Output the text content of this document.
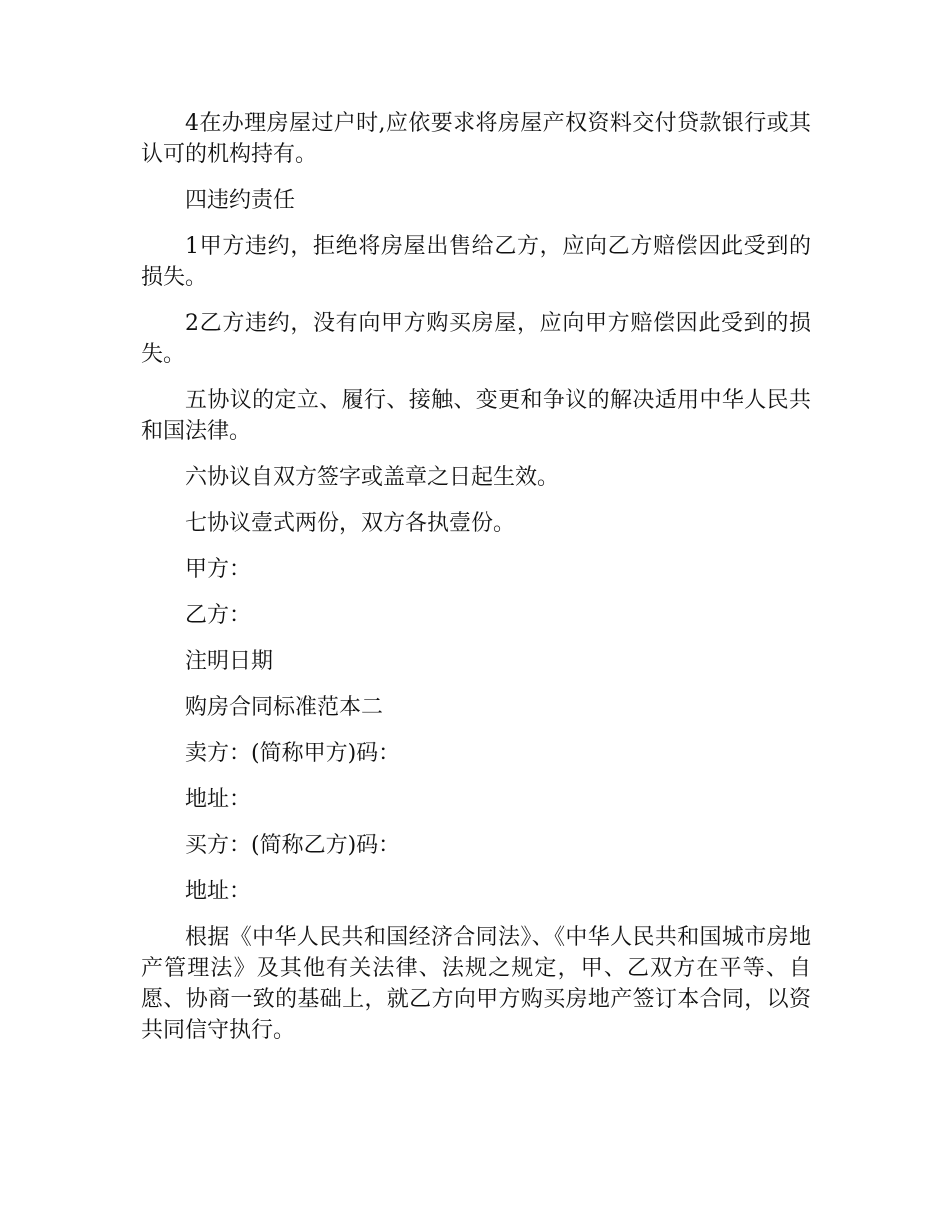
4在办理房屋过户时,应依要求将房屋产权资料交付贷款银行或其认可的机构持有。

四违约责任

1甲方违约，拒绝将房屋出售给乙方，应向乙方赔偿因此受到的损失。

2乙方违约，没有向甲方购买房屋，应向甲方赔偿因此受到的损失。

五协议的定立、履行、接触、变更和争议的解决适用中华人民共和国法律。

六协议自双方签字或盖章之日起生效。

七协议壹式两份，双方各执壹份。

甲方：

乙方：

注明日期

购房合同标准范本二

卖方：(简称甲方)码：

地址：

买方：(简称乙方)码：

地址：

根据《中华人民共和国经济合同法》、《中华人民共和国城市房地产管理法》及其他有关法律、法规之规定，甲、乙双方在平等、自愿、协商一致的基础上，就乙方向甲方购买房地产签订本合同，以资共同信守执行。
